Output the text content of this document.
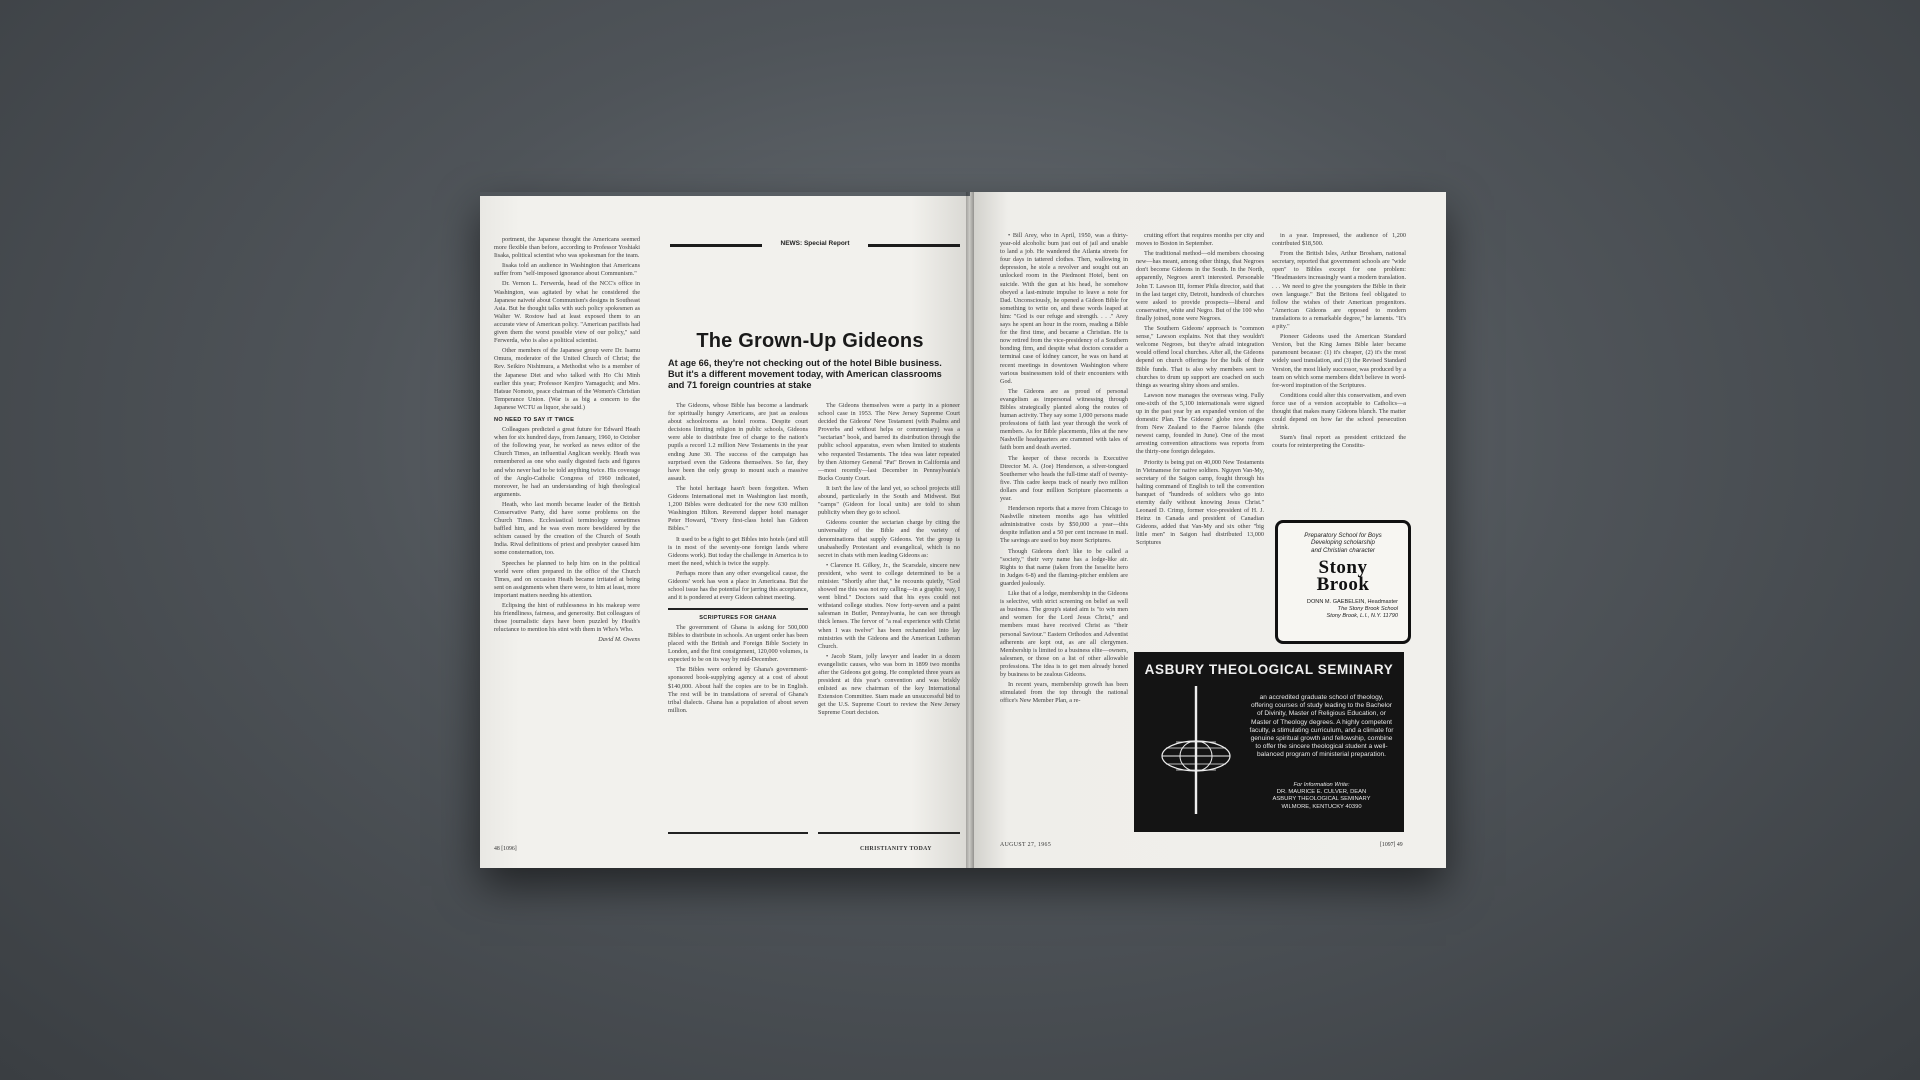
portment, the Japanese thought the Americans seemed more flexible than before, according to Professor Yoshiaki Iisaka, political scientist who was spokesman for the team.

Iisaka told an audience in Washington that Americans suffer from "self-imposed ignorance about Communism."

Dr. Vernon L. Ferwerda, head of the NCC's office in Washington, was agitated by what he considered the Japanese naiveté about Communism's designs in Southeast Asia. But he thought talks with such policy spokesmen as Walter W. Rostow had at least exposed them to an accurate view of American policy. "American pacifists had given them the worst possible view of our policy," said Ferwerda, who is also a political scientist.

Other members of the Japanese group were Dr. Isamu Omura, moderator of the United Church of Christ; the Rev. Seikiro Nishimura, a Methodist who is a member of the Japanese Diet and who talked with Ho Chi Minh earlier this year; Professor Kenjiro Yamaguchi; and Mrs. Hatsue Nomoto, peace chairman of the Women's Christian Temperance Union. (War is as big a concern to the Japanese WCTU as liquor, she said.)

NO NEED TO SAY IT TWICE

Colleagues predicted a great future for Edward Heath when for six hundred days, from January, 1960, to October of the following year, he worked as news editor of the Church Times, an influential Anglican weekly. Heath was remembered as one who easily digested facts and figures and who never had to be told anything twice. His coverage of the Anglo-Catholic Congress of 1960 indicated, moreover, he had an understanding of high theological arguments.

Heath, who last month became leader of the British Conservative Party, did have some problems on the Church Times. Ecclesiastical terminology sometimes baffled him, and he was even more bewildered by the schism caused by the creation of the Church of South India. Rival definitions of priest and presbyter caused him some consternation, too.

Speeches he planned to help him on in the political world were often prepared in the office of the Church Times, and on occasion Heath became irritated at being sent on assignments when there were, to him at least, more important matters needing his attention.

Eclipsing the hint of ruthlessness in his makeup were his friendliness, fairness, and generosity. But colleagues of those journalistic days have been puzzled by Heath's reluctance to mention his stint with them in Who's Who.

David M. Owens
NEWS: Special Report
The Grown-Up Gideons
At age 66, they're not checking out of the hotel Bible business. But it's a different movement today, with American classrooms and 71 foreign countries at stake

The Gideons, whose Bible has become a landmark for spiritually hungry Americans, are just as zealous about schoolrooms as hotel rooms. Despite court decisions limiting religion in public schools, Gideons were able to distribute free of charge to the nation's pupils a record 1.2 million New Testaments in the year ending June 30. The success of the campaign has surprised even the Gideons themselves. So far, they have been the only group to mount such a massive assault.

The hotel heritage hasn't been forgotten. When Gideons International met in Washington last month, 1,200 Bibles were dedicated for the new 630 million Washington Hilton. Reverend dapper hotel manager Peter Howard, "Every first-class hotel has Gideon Bibles."

It used to be a fight to get Bibles into hotels (and still is in most of the seventy-one foreign lands where Gideons work). But today the challenge in America is to meet the need, which is twice the supply.

Perhaps more than any other evangelical cause, the Gideons' work has won a place in Americana. But the school issue has the potential for jarring this acceptance, and it is pondered at every Gideon cabinet meeting.

SCRIPTURES FOR GHANA

The government of Ghana is asking for 500,000 Bibles to distribute in schools. An urgent order has been placed with the British and Foreign Bible Society in London, and the first consignment, 120,000 volumes, is expected to be on its way by mid-December.

The Bibles were ordered by Ghana's government-sponsored book-supplying agency at a cost of about $140,000. About half the copies are to be in English. The rest will be in translations of several of Ghana's tribal dialects. Ghana has a population of about seven million.

The Gideons themselves were a party in a pioneer school case in 1953. The New Jersey Supreme Court decided the Gideons' New Testament (with Psalms and Proverbs and without helps or commentary) was a "sectarian" book, and barred its distribution through the public school apparatus, even when limited to students who requested Testaments. The idea was later repeated by then Attorney General "Pat" Brown in California and—most recently—last December in Pennsylvania's Bucks County Court.

It isn't the law of the land yet, so school projects still abound, particularly in the South and Midwest. But "camps" (Gideon for local units) are told to shun publicity when they go to school.

Gideons counter the sectarian charge by citing the universality of the Bible and the variety of denominations that supply Gideons. Yet the group is unabashedly Protestant and evangelical, which is no secret in chats with men leading Gideons as:

• Clarence H. Gilkey, Jr., the Scarsdale, sincere new president, who went to college determined to be a minister. "Shortly after that," he recounts quietly, "God showed me this was not my calling—in a graphic way, I went blind." Doctors said that his eyes could not withstand college studies. Now forty-seven and a paint salesman in Butler, Pennsylvania, he can see through thick lenses. The fervor of "a real experience with Christ when I was twelve" has been rechanneled into lay ministries with the Gideons and the American Lutheran Church.

• Jacob Stam, jolly lawyer and leader in a dozen evangelistic causes, who was born in 1899 two months after the Gideons got going. He completed three years as president at this year's convention and was briskly enlisted as new chairman of the key International Extension Committee. Stam made an unsuccessful bid to get the U.S. Supreme Court to review the New Jersey Supreme Court decision.

48 [1096]	CHRISTIANITY TODAY

• Bill Arey, who in April, 1950, was a thirty-year-old alcoholic bum just out of jail and unable to land a job. He wandered the Atlanta streets for four days in tattered clothes. Then, wallowing in depression, he stole a revolver and sought out an unlocked room in the Piedmont Hotel, bent on suicide. With the gun at his head, he somehow obeyed a last-minute impulse to leave a note for Dad. Unconsciously, he opened a Gideon Bible for something to write on, and these words leaped at him: "God is our refuge and strength. . . ." Arey says he spent an hour in the room, reading a Bible for the first time, and became a Christian. He is now retired from the vice-presidency of a Southern bonding firm, and despite what doctors consider a terminal case of kidney cancer, he was on hand at recent meetings in downtown Washington where various businessmen told of their encounters with God.

The Gideons are as proud of personal evangelism as impersonal witnessing through Bibles strategically planted along the routes of human activity. They say some 1,000 persons made professions of faith last year through the work of members. As for Bible placements, files at the new Nashville headquarters are crammed with tales of faith born and death averted.

The keeper of these records is Executive Director M. A. (Joe) Henderson, a silver-tongued Southerner who heads the full-time staff of twenty-five. This cadre keeps track of nearly two million dollars and four million Scripture placements a year.

Henderson reports that a move from Chicago to Nashville nineteen months ago has whittled administrative costs by $50,000 a year—this despite inflation and a 50 per cent increase in mail. The savings are used to buy more Scriptures.

Though Gideons don't like to be called a "society," their very name has a lodge-like air. Rights to that name (taken from the Israelite hero in Judges 6-8) and the flaming-pitcher emblem are guarded jealously.

Like that of a lodge, membership in the Gideons is selective, with strict screening on belief as well as business. The group's stated aim is "to win men and women for the Lord Jesus Christ," and members must have received Christ as "their personal Saviour." Eastern Orthodox and Adventist adherents are kept out, as are all clergymen. Membership is limited to a business elite—owners, salesmen, or those on a list of other allowable professions. The idea is to get men already honed by business to be zealous Gideons.

In recent years, membership growth has been stimulated from the top through the national office's New Member Plan, a re-

cruiting effort that requires months per city and moves to Boston in September.

The traditional method—old members choosing new—has meant, among other things, that Negroes don't become Gideons in the South. In the North, apparently, Negroes aren't interested. Personable John T. Lawson III, former Phila director, said that in the last target city, Detroit, hundreds of churches were asked to provide prospects—liberal and conservative, white and Negro. But of the 100 who finally joined, none were Negroes.

The Southern Gideons' approach is "common sense," Lawson explains. Not that they wouldn't welcome Negroes, but they're afraid integration would offend local churches. After all, the Gideons depend on church offerings for the bulk of their Bible funds. That is also why members sent to churches to drum up support are coached on such things as wearing shiny shoes and smiles.

Lawson now manages the overseas wing. Fully one-sixth of the 5,100 internationals were signed up in the past year by an expanded version of the domestic Plan. The Gideons' globe now ranges from New Zealand to the Faeroe Islands (the newest camp, founded in June). One of the most arresting convention attractions was reports from the thirty-one foreign delegates.

Priority is being put on 40,000 New Testaments in Vietnamese for native soldiers. Nguyen Van-My, secretary of the Saigon camp, fought through his halting command of English to tell the convention banquet of "hundreds of soldiers who go into eternity daily without knowing Jesus Christ." Leonard D. Crimp, former vice-president of H. J. Heinz in Canada and president of Canadian Gideons, added that Van-My and six other "big little men" in Saigon had distributed 13,000 Scriptures

in a year. Impressed, the audience of 1,200 contributed $18,500.

From the British Isles, Arthur Brosham, national secretary, reported that government schools are "wide open" to Bibles except for one problem: "Headmasters increasingly want a modern translation. . . . We need to give the youngsters the Bible in their own language." But the Britons feel obligated to follow the wishes of their American progenitors. "American Gideons are opposed to modern translations to a remarkable degree," he laments. "It's a pity."

Pioneer Gideons used the American Standard Version, but the King James Bible later became paramount because: (1) it's cheaper, (2) it's the most widely used translation, and (3) the Revised Standard Version, the most likely successor, was produced by a team on which some members didn't believe in word-for-word inspiration of the Scriptures.

Conditions could alter this conservatism, and even force use of a version acceptable to Catholics—a thought that makes many Gideons blanch. The matter could depend on how far the school persecution shrink.

Stam's final report as president criticized the courts for reinterpreting the Constitu-

Preparatory School for Boys
Developing scholarship
and Christian character
Stony
Brook
DONN M. GAEBELEIN, Headmaster
The Stony Brook School
Stony Brook, L.I., N.Y. 11790
ASBURY THEOLOGICAL SEMINARY
an accredited graduate school of theology, offering courses of study leading to the Bachelor of Divinity, Master of Religious Education, or Master of Theology degrees. A highly competent faculty, a stimulating curriculum, and a climate for genuine spiritual growth and fellowship, combine to offer the sincere theological student a well-balanced program of ministerial preparation.
For Information Write:
DR. MAURICE E. CULVER, DEAN
ASBURY THEOLOGICAL SEMINARY
WILMORE, KENTUCKY 40390
AUGUST 27, 1965	[1097] 49
